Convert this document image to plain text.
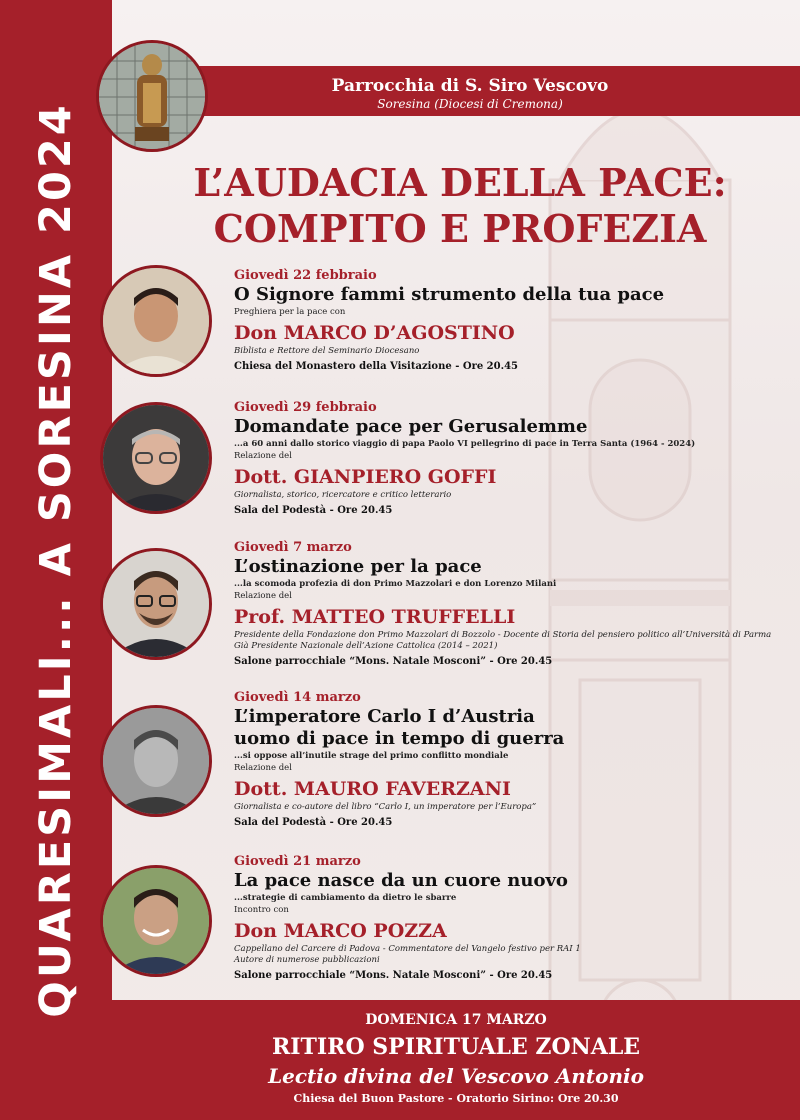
QUARESIMALI... A SORESINA 2024
Parrocchia di S. Siro Vescovo
Soresina (Diocesi di Cremona)
L’AUDACIA DELLA PACE:
COMPITO E PROFEZIA
Giovedì 22 febbraio
O Signore fammi strumento della tua pace
Preghiera per la pace con
Don MARCO D’AGOSTINO
Biblista e Rettore del Seminario Diocesano
Chiesa del Monastero della Visitazione - Ore 20.45
Giovedì 29 febbraio
Domandate pace per Gerusalemme
...a 60 anni dallo storico viaggio di papa Paolo VI pellegrino di pace in Terra Santa (1964 - 2024)
Relazione del
Dott. GIANPIERO GOFFI
Giornalista, storico, ricercatore e critico letterario
Sala del Podestà - Ore 20.45
Giovedì 7 marzo
L’ostinazione per la pace
...la scomoda profezia di don Primo Mazzolari e don Lorenzo Milani
Relazione del
Prof. MATTEO TRUFFELLI
Presidente della Fondazione don Primo Mazzolari di Bozzolo - Docente di Storia del pensiero politico all’Università di Parma
Già Presidente Nazionale dell’Azione Cattolica (2014 – 2021)
Salone parrocchiale “Mons. Natale Mosconi” - Ore 20.45
Giovedì 14 marzo
L’imperatore Carlo I d’Austria
uomo di pace in tempo di guerra
...si oppose all’inutile strage del primo conflitto mondiale
Relazione del
Dott. MAURO FAVERZANI
Giornalista e co-autore del libro “Carlo I, un imperatore per l’Europa”
Sala del Podestà - Ore 20.45
Giovedì 21 marzo
La pace nasce da un cuore nuovo
...strategie di cambiamento da dietro le sbarre
Incontro con
Don MARCO POZZA
Cappellano del Carcere di Padova - Commentatore del Vangelo festivo per RAI 1
Autore di numerose pubblicazioni
Salone parrocchiale “Mons. Natale Mosconi” - Ore 20.45
DOMENICA 17 MARZO
RITIRO SPIRITUALE ZONALE
Lectio divina del Vescovo Antonio
Chiesa del Buon Pastore - Oratorio Sirino: Ore 20.30
